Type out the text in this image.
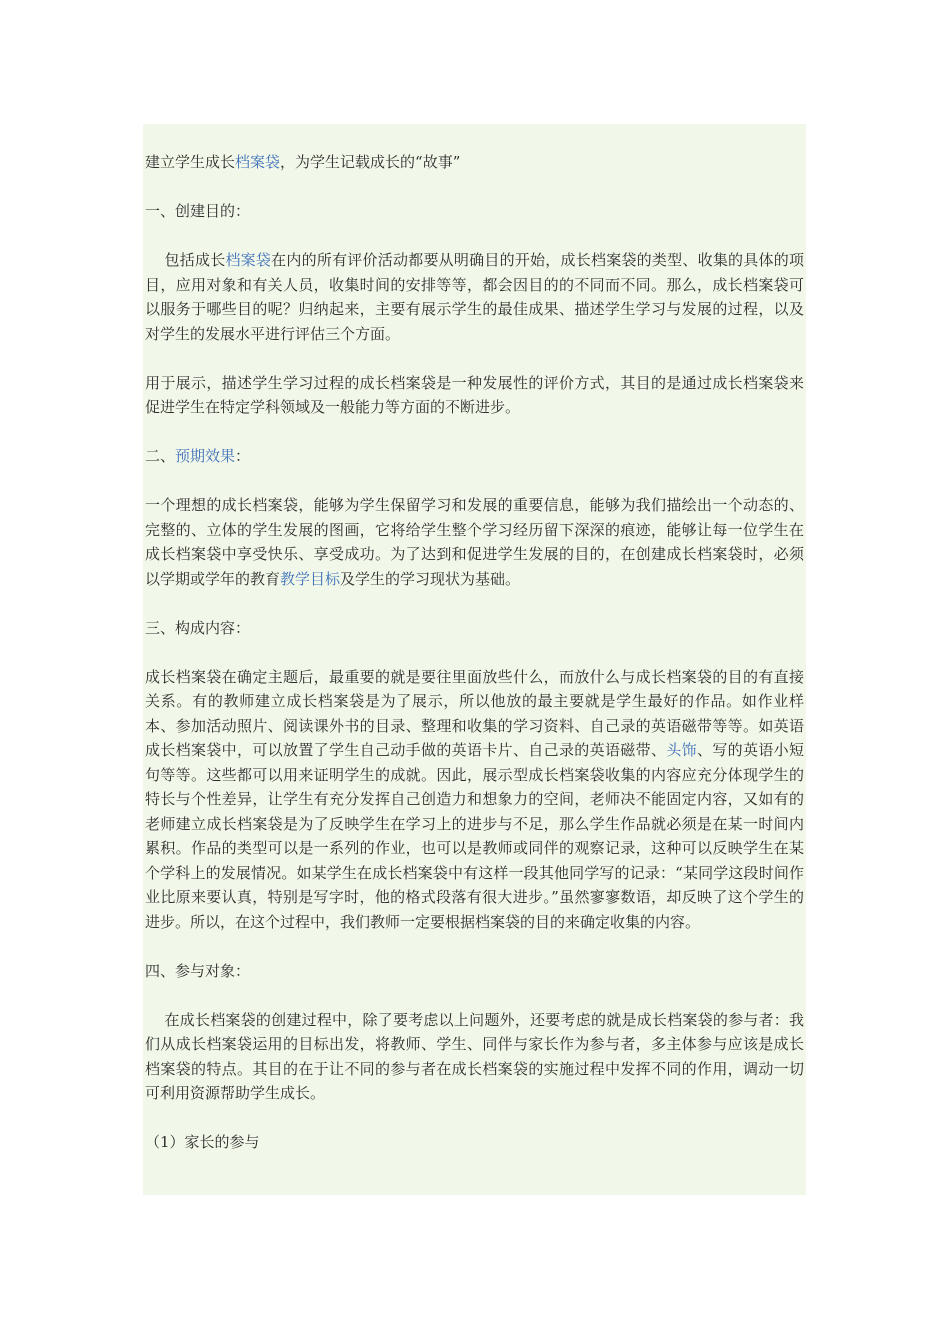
建立学生成长档案袋，为学生记载成长的“故事”

一、创建目的：

包括成长档案袋在内的所有评价活动都要从明确目的开始，成长档案袋的类型、收集的具体的项目，应用对象和有关人员，收集时间的安排等等，都会因目的的不同而不同。那么，成长档案袋可以服务于哪些目的呢？归纳起来，主要有展示学生的最佳成果、描述学生学习与发展的过程，以及对学生的发展水平进行评估三个方面。

用于展示，描述学生学习过程的成长档案袋是一种发展性的评价方式，其目的是通过成长档案袋来促进学生在特定学科领域及一般能力等方面的不断进步。

二、预期效果：

一个理想的成长档案袋，能够为学生保留学习和发展的重要信息，能够为我们描绘出一个动态的、完整的、立体的学生发展的图画，它将给学生整个学习经历留下深深的痕迹，能够让每一位学生在成长档案袋中享受快乐、享受成功。为了达到和促进学生发展的目的，在创建成长档案袋时，必须以学期或学年的教育教学目标及学生的学习现状为基础。

三、构成内容：

成长档案袋在确定主题后，最重要的就是要往里面放些什么，而放什么与成长档案袋的目的有直接关系。有的教师建立成长档案袋是为了展示，所以他放的最主要就是学生最好的作品。如作业样本、参加活动照片、阅读课外书的目录、整理和收集的学习资料、自己录的英语磁带等等。如英语成长档案袋中，可以放置了学生自己动手做的英语卡片、自己录的英语磁带、头饰、写的英语小短句等等。这些都可以用来证明学生的成就。因此，展示型成长档案袋收集的内容应充分体现学生的特长与个性差异，让学生有充分发挥自己创造力和想象力的空间，老师决不能固定内容，又如有的老师建立成长档案袋是为了反映学生在学习上的进步与不足，那么学生作品就必须是在某一时间内累积。作品的类型可以是一系列的作业，也可以是教师或同伴的观察记录，这种可以反映学生在某个学科上的发展情况。如某学生在成长档案袋中有这样一段其他同学写的记录：“某同学这段时间作业比原来要认真，特别是写字时，他的格式段落有很大进步。”虽然寥寥数语，却反映了这个学生的进步。所以，在这个过程中，我们教师一定要根据档案袋的目的来确定收集的内容。

四、参与对象：

在成长档案袋的创建过程中，除了要考虑以上问题外，还要考虑的就是成长档案袋的参与者：我们从成长档案袋运用的目标出发，将教师、学生、同伴与家长作为参与者，多主体参与应该是成长档案袋的特点。其目的在于让不同的参与者在成长档案袋的实施过程中发挥不同的作用，调动一切可利用资源帮助学生成长。

（1）家长的参与
